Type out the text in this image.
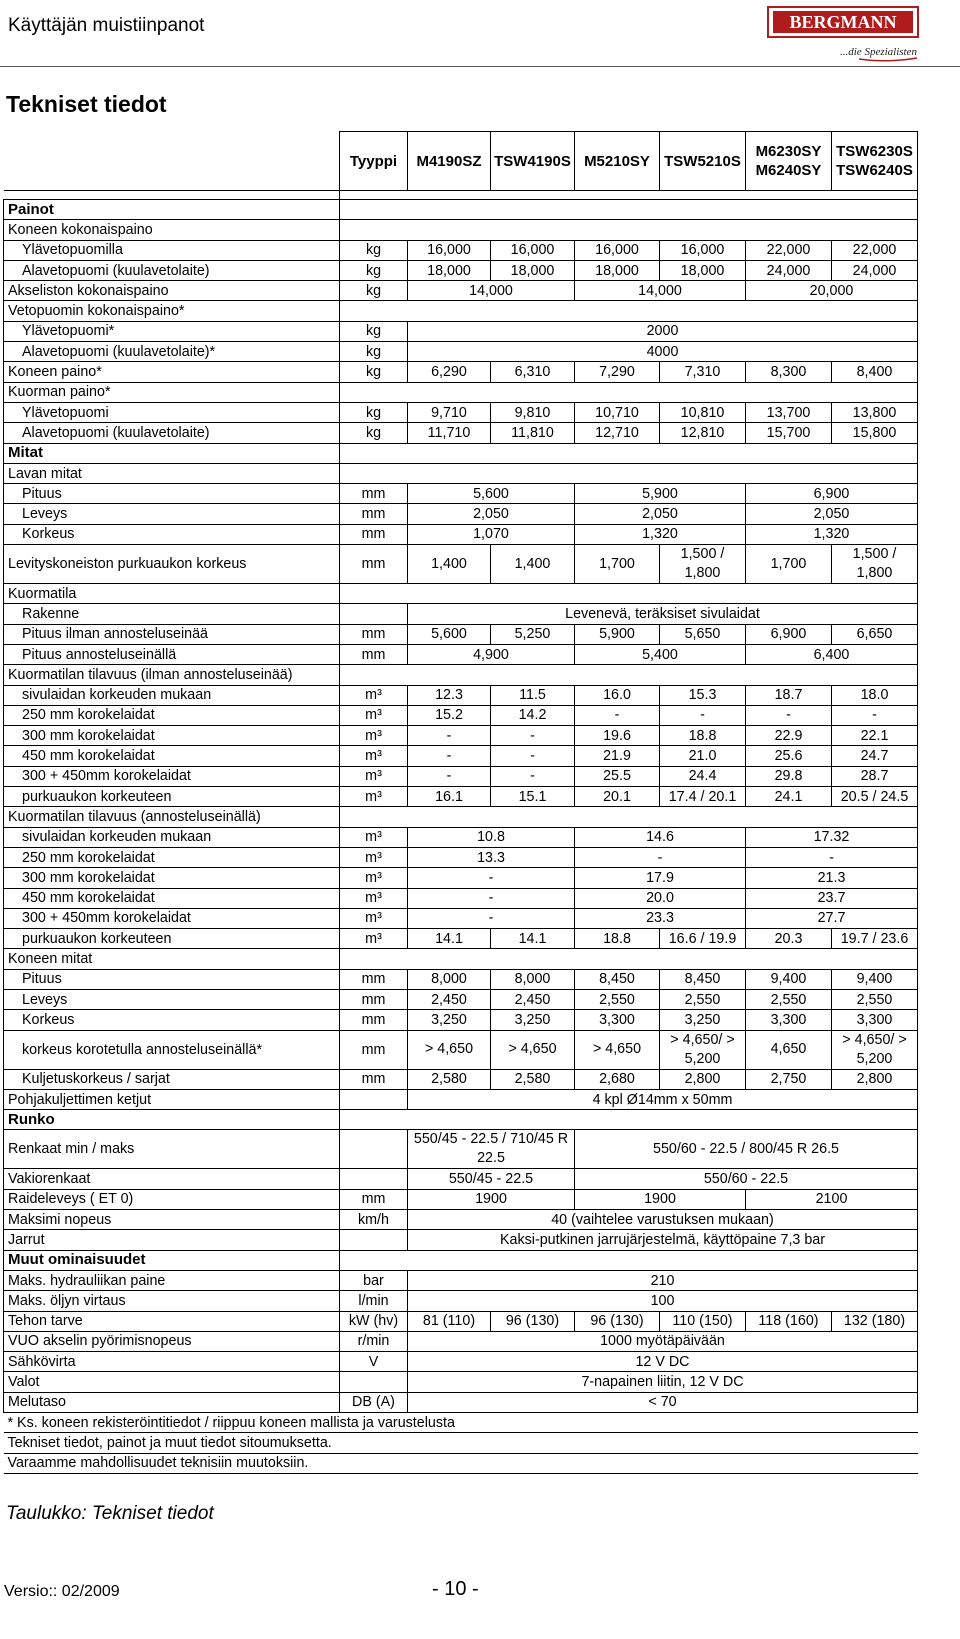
Käyttäjän muistiinpanot	BERGMANN
...die Spezialisten
Tekniset tiedot
	Tyyppi	M4190SZ	TSW4190S	M5210SY	TSW5210S	M6230SY M6240SY	TSW6230S TSW6240S

Painot							
Koneen kokonaispaino							
Ylävetopuomilla	kg	16,000	16,000	16,000	16,000	22,000	22,000
Alavetopuomi (kuulavetolaite)	kg	18,000	18,000	18,000	18,000	24,000	24,000
Akseliston kokonaispaino	kg	14,000		14,000		20,000	
Vetopuomin kokonaispaino*							
Ylävetopuomi*	kg	2000					
Alavetopuomi (kuulavetolaite)*	kg	4000					
Koneen paino*	kg	6,290	6,310	7,290	7,310	8,300	8,400
Kuorman paino*							
Ylävetopuomi	kg	9,710	9,810	10,710	10,810	13,700	13,800
Alavetopuomi (kuulavetolaite)	kg	11,710	11,810	12,710	12,810	15,700	15,800
Mitat							
Lavan mitat							
Pituus	mm	5,600		5,900		6,900	
Leveys	mm	2,050		2,050		2,050	
Korkeus	mm	1,070		1,320		1,320	
Levityskoneiston purkuaukon korkeus	mm	1,400	1,400	1,700	1,500 / 1,800	1,700	1,500 / 1,800
Kuormatila							
Rakenne		Levenevä, teräksiset sivulaidat					
Pituus ilman annosteluseinää	mm	5,600	5,250	5,900	5,650	6,900	6,650
Pituus annosteluseinällä	mm	4,900		5,400		6,400	
Kuormatilan tilavuus (ilman annosteluseinää)							
sivulaidan korkeuden mukaan	m³	12.3	11.5	16.0	15.3	18.7	18.0
250 mm korokelaidat	m³	15.2	14.2	-	-	-	-
300 mm korokelaidat	m³	-	-	19.6	18.8	22.9	22.1
450 mm korokelaidat	m³	-	-	21.9	21.0	25.6	24.7
300 + 450mm korokelaidat	m³	-	-	25.5	24.4	29.8	28.7
purkuaukon korkeuteen	m³	16.1	15.1	20.1	17.4 / 20.1	24.1	20.5 / 24.5
Kuormatilan tilavuus (annosteluseinällä)							
sivulaidan korkeuden mukaan	m³	10.8		14.6		17.32	
250 mm korokelaidat	m³	13.3		-		-	
300 mm korokelaidat	m³	-		17.9		21.3	
450 mm korokelaidat	m³	-		20.0		23.7	
300 + 450mm korokelaidat	m³	-		23.3		27.7	
purkuaukon korkeuteen	m³	14.1	14.1	18.8	16.6 / 19.9	20.3	19.7 / 23.6
Koneen mitat							
Pituus	mm	8,000	8,000	8,450	8,450	9,400	9,400
Leveys	mm	2,450	2,450	2,550	2,550	2,550	2,550
Korkeus	mm	3,250	3,250	3,300	3,250	3,300	3,300
korkeus korotetulla annosteluseinällä*	mm	> 4,650	> 4,650	> 4,650	> 4,650/ > 5,200	4,650	> 4,650/ > 5,200
Kuljetuskorkeus / sarjat	mm	2,580	2,580	2,680	2,800	2,750	2,800
Pohjakuljettimen ketjut		4 kpl Ø14mm x 50mm					
Runko							
Renkaat min / maks		550/45 - 22.5 / 710/45 R 22.5		550/60 - 22.5 / 800/45 R 26.5			
Vakiorenkaat		550/45 - 22.5		550/60 - 22.5			
Raideleveys ( ET 0)	mm	1900		1900		2100	
Maksimi nopeus	km/h	40 (vaihtelee varustuksen mukaan)					
Jarrut		Kaksi-putkinen jarrujärjestelmä, käyttöpaine 7,3 bar					
Muut ominaisuudet							
Maks. hydrauliikan paine	bar	210					
Maks. öljyn virtaus	l/min	100					
Tehon tarve	kW (hv)	81 (110)	96 (130)	96 (130)	110 (150)	118 (160)	132 (180)
VUO akselin pyörimisnopeus	r/min	1000 myötäpäivään					
Sähkövirta	V	12 V DC					
Valot		7-napainen liitin, 12 V DC					
Melutaso	DB (A)	< 70					
* Ks. koneen rekisteröintitiedot / riippuu koneen mallista ja varustelusta							
Tekniset tiedot, painot ja muut tiedot sitoumuksetta.							
Varaamme mahdollisuudet teknisiin muutoksiin.							
Taulukko: Tekniset tiedot
Versio:: 02/2009	- 10 -
